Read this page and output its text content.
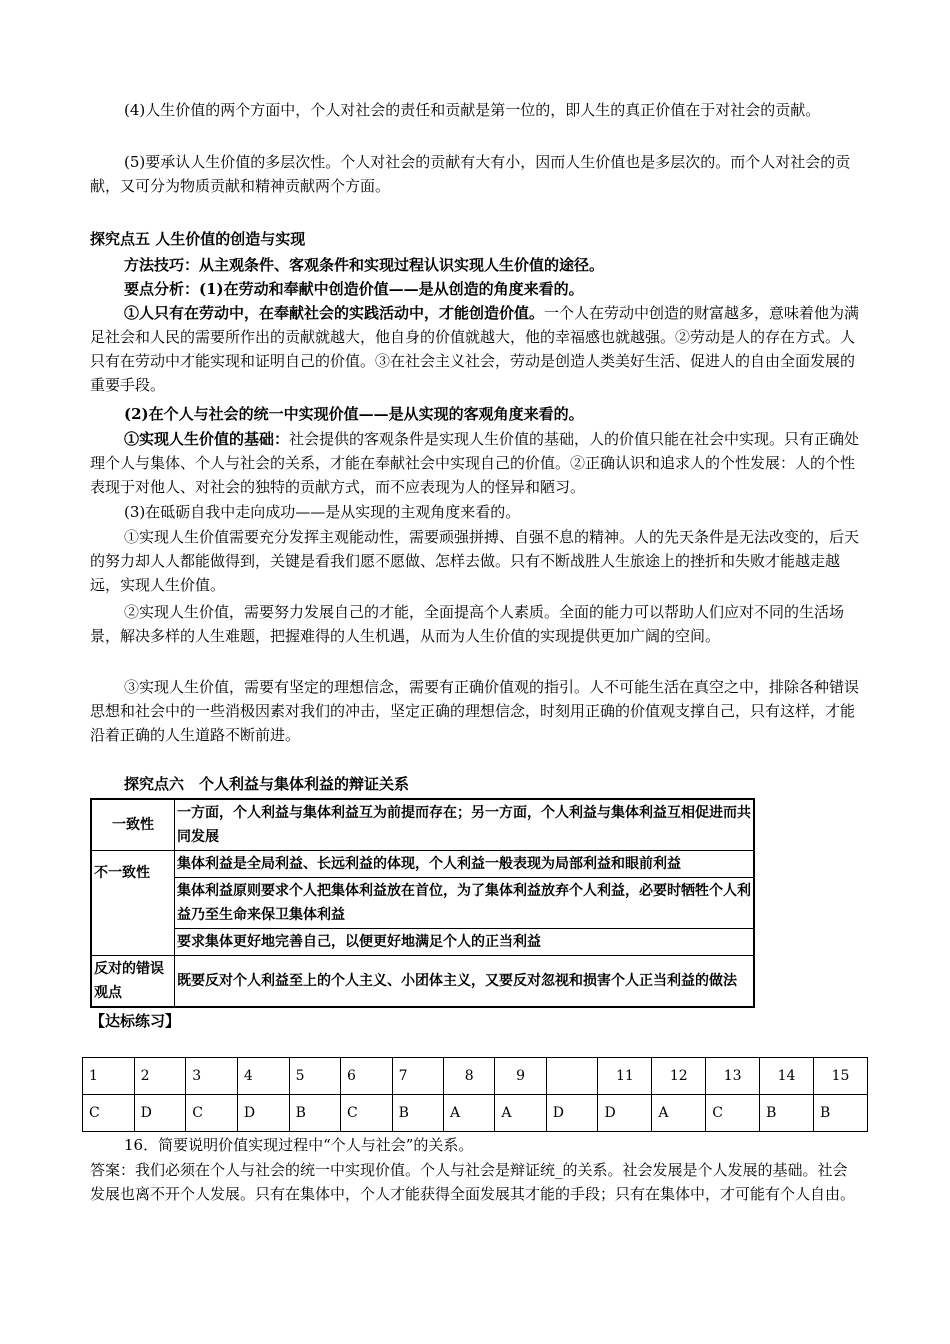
(4)人生价值的两个方面中，个人对社会的责任和贡献是第一位的，即人生的真正价值在于对社会的贡献。

(5)要承认人生价值的多层次性。个人对社会的贡献有大有小，因而人生价值也是多层次的。而个人对社会的贡献，又可分为物质贡献和精神贡献两个方面。

探究点五 人生价值的创造与实现

方法技巧：从主观条件、客观条件和实现过程认识实现人生价值的途径。

要点分析：(1)在劳动和奉献中创造价值——是从创造的角度来看的。

①人只有在劳动中，在奉献社会的实践活动中，才能创造价值。一个人在劳动中创造的财富越多，意味着他为满足社会和人民的需要所作出的贡献就越大，他自身的价值就越大，他的幸福感也就越强。②劳动是人的存在方式。人只有在劳动中才能实现和证明自己的价值。③在社会主义社会，劳动是创造人类美好生活、促进人的自由全面发展的重要手段。

(2)在个人与社会的统一中实现价值——是从实现的客观角度来看的。

①实现人生价值的基础：社会提供的客观条件是实现人生价值的基础，人的价值只能在社会中实现。只有正确处理个人与集体、个人与社会的关系，才能在奉献社会中实现自己的价值。②正确认识和追求人的个性发展：人的个性表现于对他人、对社会的独特的贡献方式，而不应表现为人的怪异和陋习。

(3)在砥砺自我中走向成功——是从实现的主观角度来看的。

①实现人生价值需要充分发挥主观能动性，需要顽强拼搏、自强不息的精神。人的先天条件是无法改变的，后天的努力却人人都能做得到，关键是看我们愿不愿做、怎样去做。只有不断战胜人生旅途上的挫折和失败才能越走越远，实现人生价值。

②实现人生价值，需要努力发展自己的才能，全面提高个人素质。全面的能力可以帮助人们应对不同的生活场景，解决多样的人生难题，把握难得的人生机遇，从而为人生价值的实现提供更加广阔的空间。

③实现人生价值，需要有坚定的理想信念，需要有正确价值观的指引。人不可能生活在真空之中，排除各种错误思想和社会中的一些消极因素对我们的冲击，坚定正确的理想信念，时刻用正确的价值观支撑自己，只有这样，才能沿着正确的人生道路不断前进。

探究点六　个人利益与集体利益的辩证关系

一致性	一方面，个人利益与集体利益互为前提而存在；另一方面，个人利益与集体利益互相促进而共同发展
不一致性	集体利益是全局利益、长远利益的体现，个人利益一般表现为局部利益和眼前利益
	集体利益原则要求个人把集体利益放在首位，为了集体利益放弃个人利益，必要时牺牲个人利益乃至生命来保卫集体利益
	要求集体更好地完善自己，以便更好地满足个人的正当利益
反对的错误观点	既要反对个人利益至上的个人主义、小团体主义，又要反对忽视和损害个人正当利益的做法

【达标练习】

1	2	3	4	5	6	7	8	9		11	12	13	14	15
C	D	C	D	B	C	B	A	A	D	D	A	C	B	B

16．简要说明价值实现过程中“个人与社会”的关系。

答案：我们必须在个人与社会的统一中实现价值。个人与社会是辩证统_的关系。社会发展是个人发展的基础。社会发展也离不开个人发展。只有在集体中，个人才能获得全面发展其才能的手段；只有在集体中，才可能有个人自由。
